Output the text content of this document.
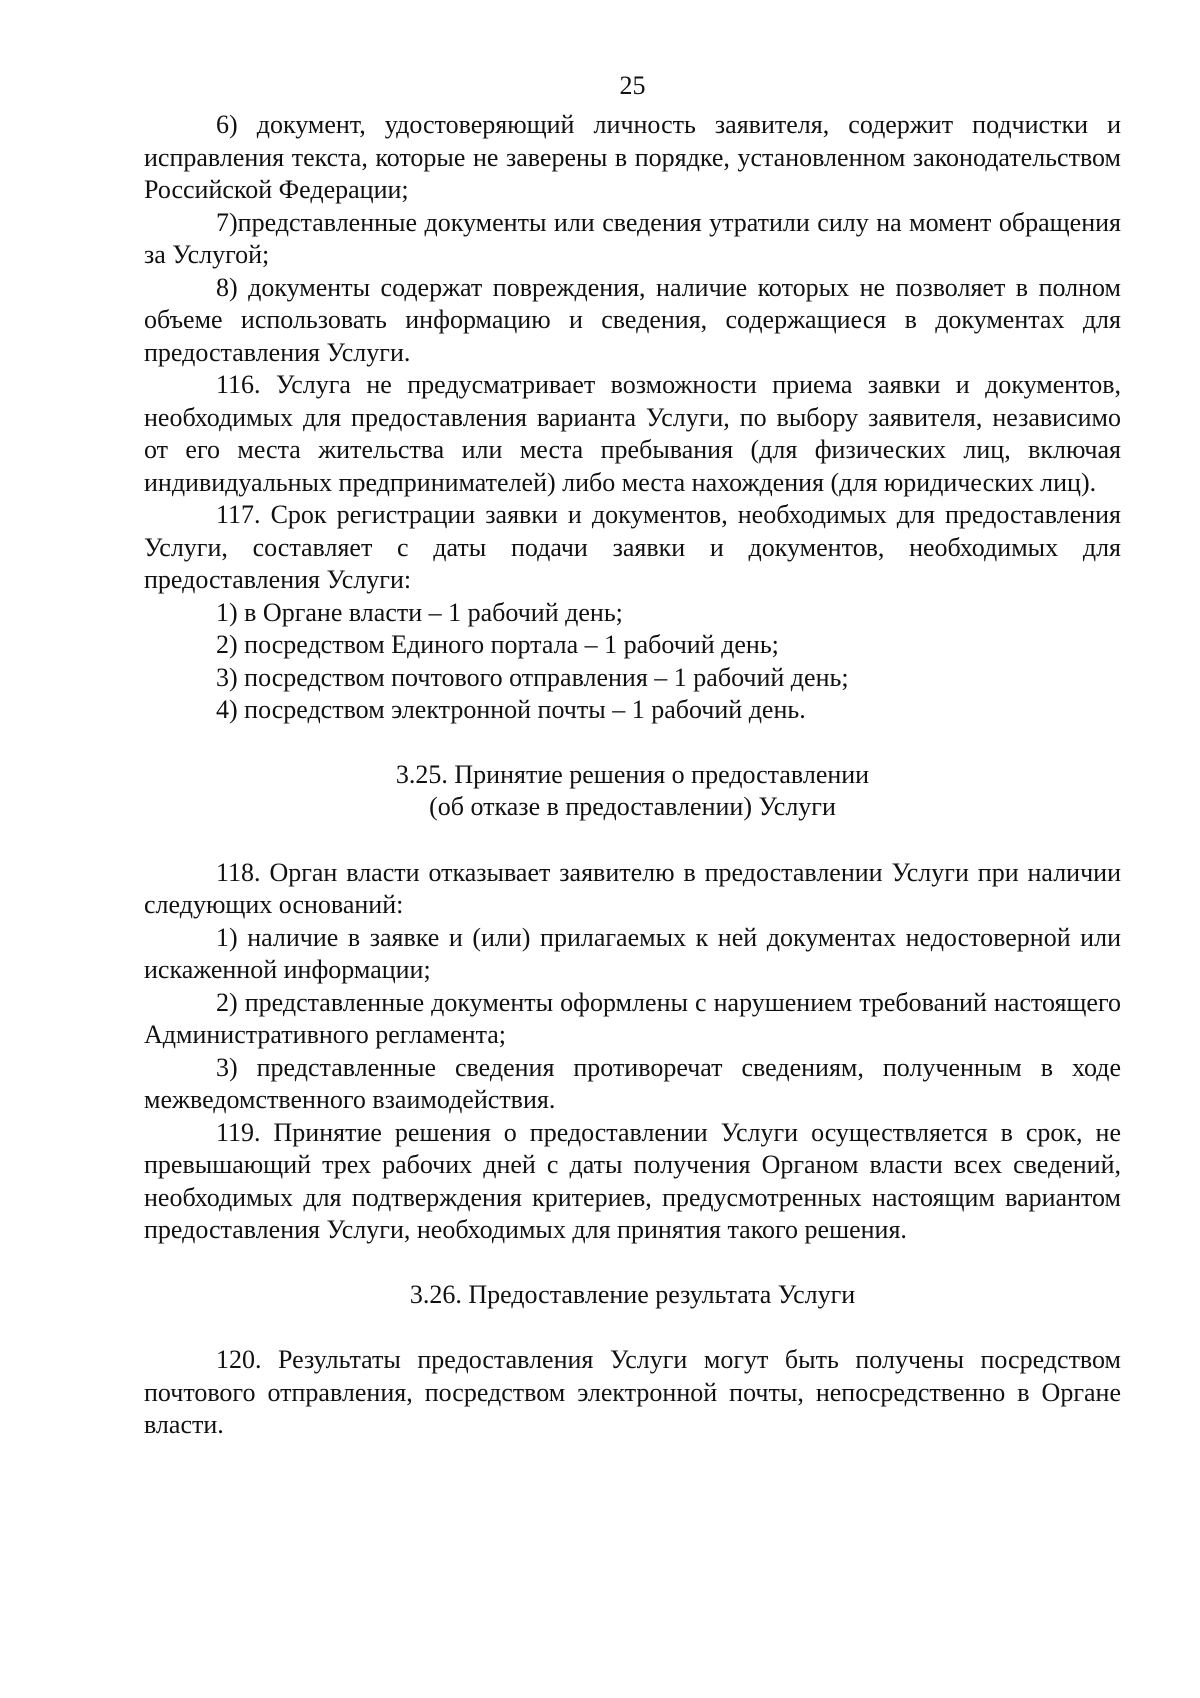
25

6) документ, удостоверяющий личность заявителя, содержит подчистки и исправления текста, которые не заверены в порядке, установленном законодательством Российской Федерации;

7)представленные документы или сведения утратили силу на момент обращения за Услугой;

8) документы содержат повреждения, наличие которых не позволяет в полном объеме использовать информацию и сведения, содержащиеся в документах для предоставления Услуги.

116. Услуга не предусматривает возможности приема заявки и документов, необходимых для предоставления варианта Услуги, по выбору заявителя, независимо от его места жительства или места пребывания (для физических лиц, включая индивидуальных предпринимателей) либо места нахождения (для юридических лиц).

117. Срок регистрации заявки и документов, необходимых для предоставления Услуги, составляет с даты подачи заявки и документов, необходимых для предоставления Услуги:

1) в Органе власти – 1 рабочий день;

2) посредством Единого портала – 1 рабочий день;

3) посредством почтового отправления – 1 рабочий день;

4) посредством электронной почты – 1 рабочий день.

3.25. Принятие решения о предоставлении
(об отказе в предоставлении) Услуги

118. Орган власти отказывает заявителю в предоставлении Услуги при наличии следующих оснований:

1) наличие в заявке и (или) прилагаемых к ней документах недостоверной или искаженной информации;

2) представленные документы оформлены с нарушением требований настоящего Административного регламента;

3) представленные сведения противоречат сведениям, полученным в ходе межведомственного взаимодействия.

119. Принятие решения о предоставлении Услуги осуществляется в срок, не превышающий трех рабочих дней с даты получения Органом власти всех сведений, необходимых для подтверждения критериев, предусмотренных настоящим вариантом предоставления Услуги, необходимых для принятия такого решения.

3.26. Предоставление результата Услуги

120. Результаты предоставления Услуги могут быть получены посредством почтового отправления, посредством электронной почты, непосредственно в Органе власти.
